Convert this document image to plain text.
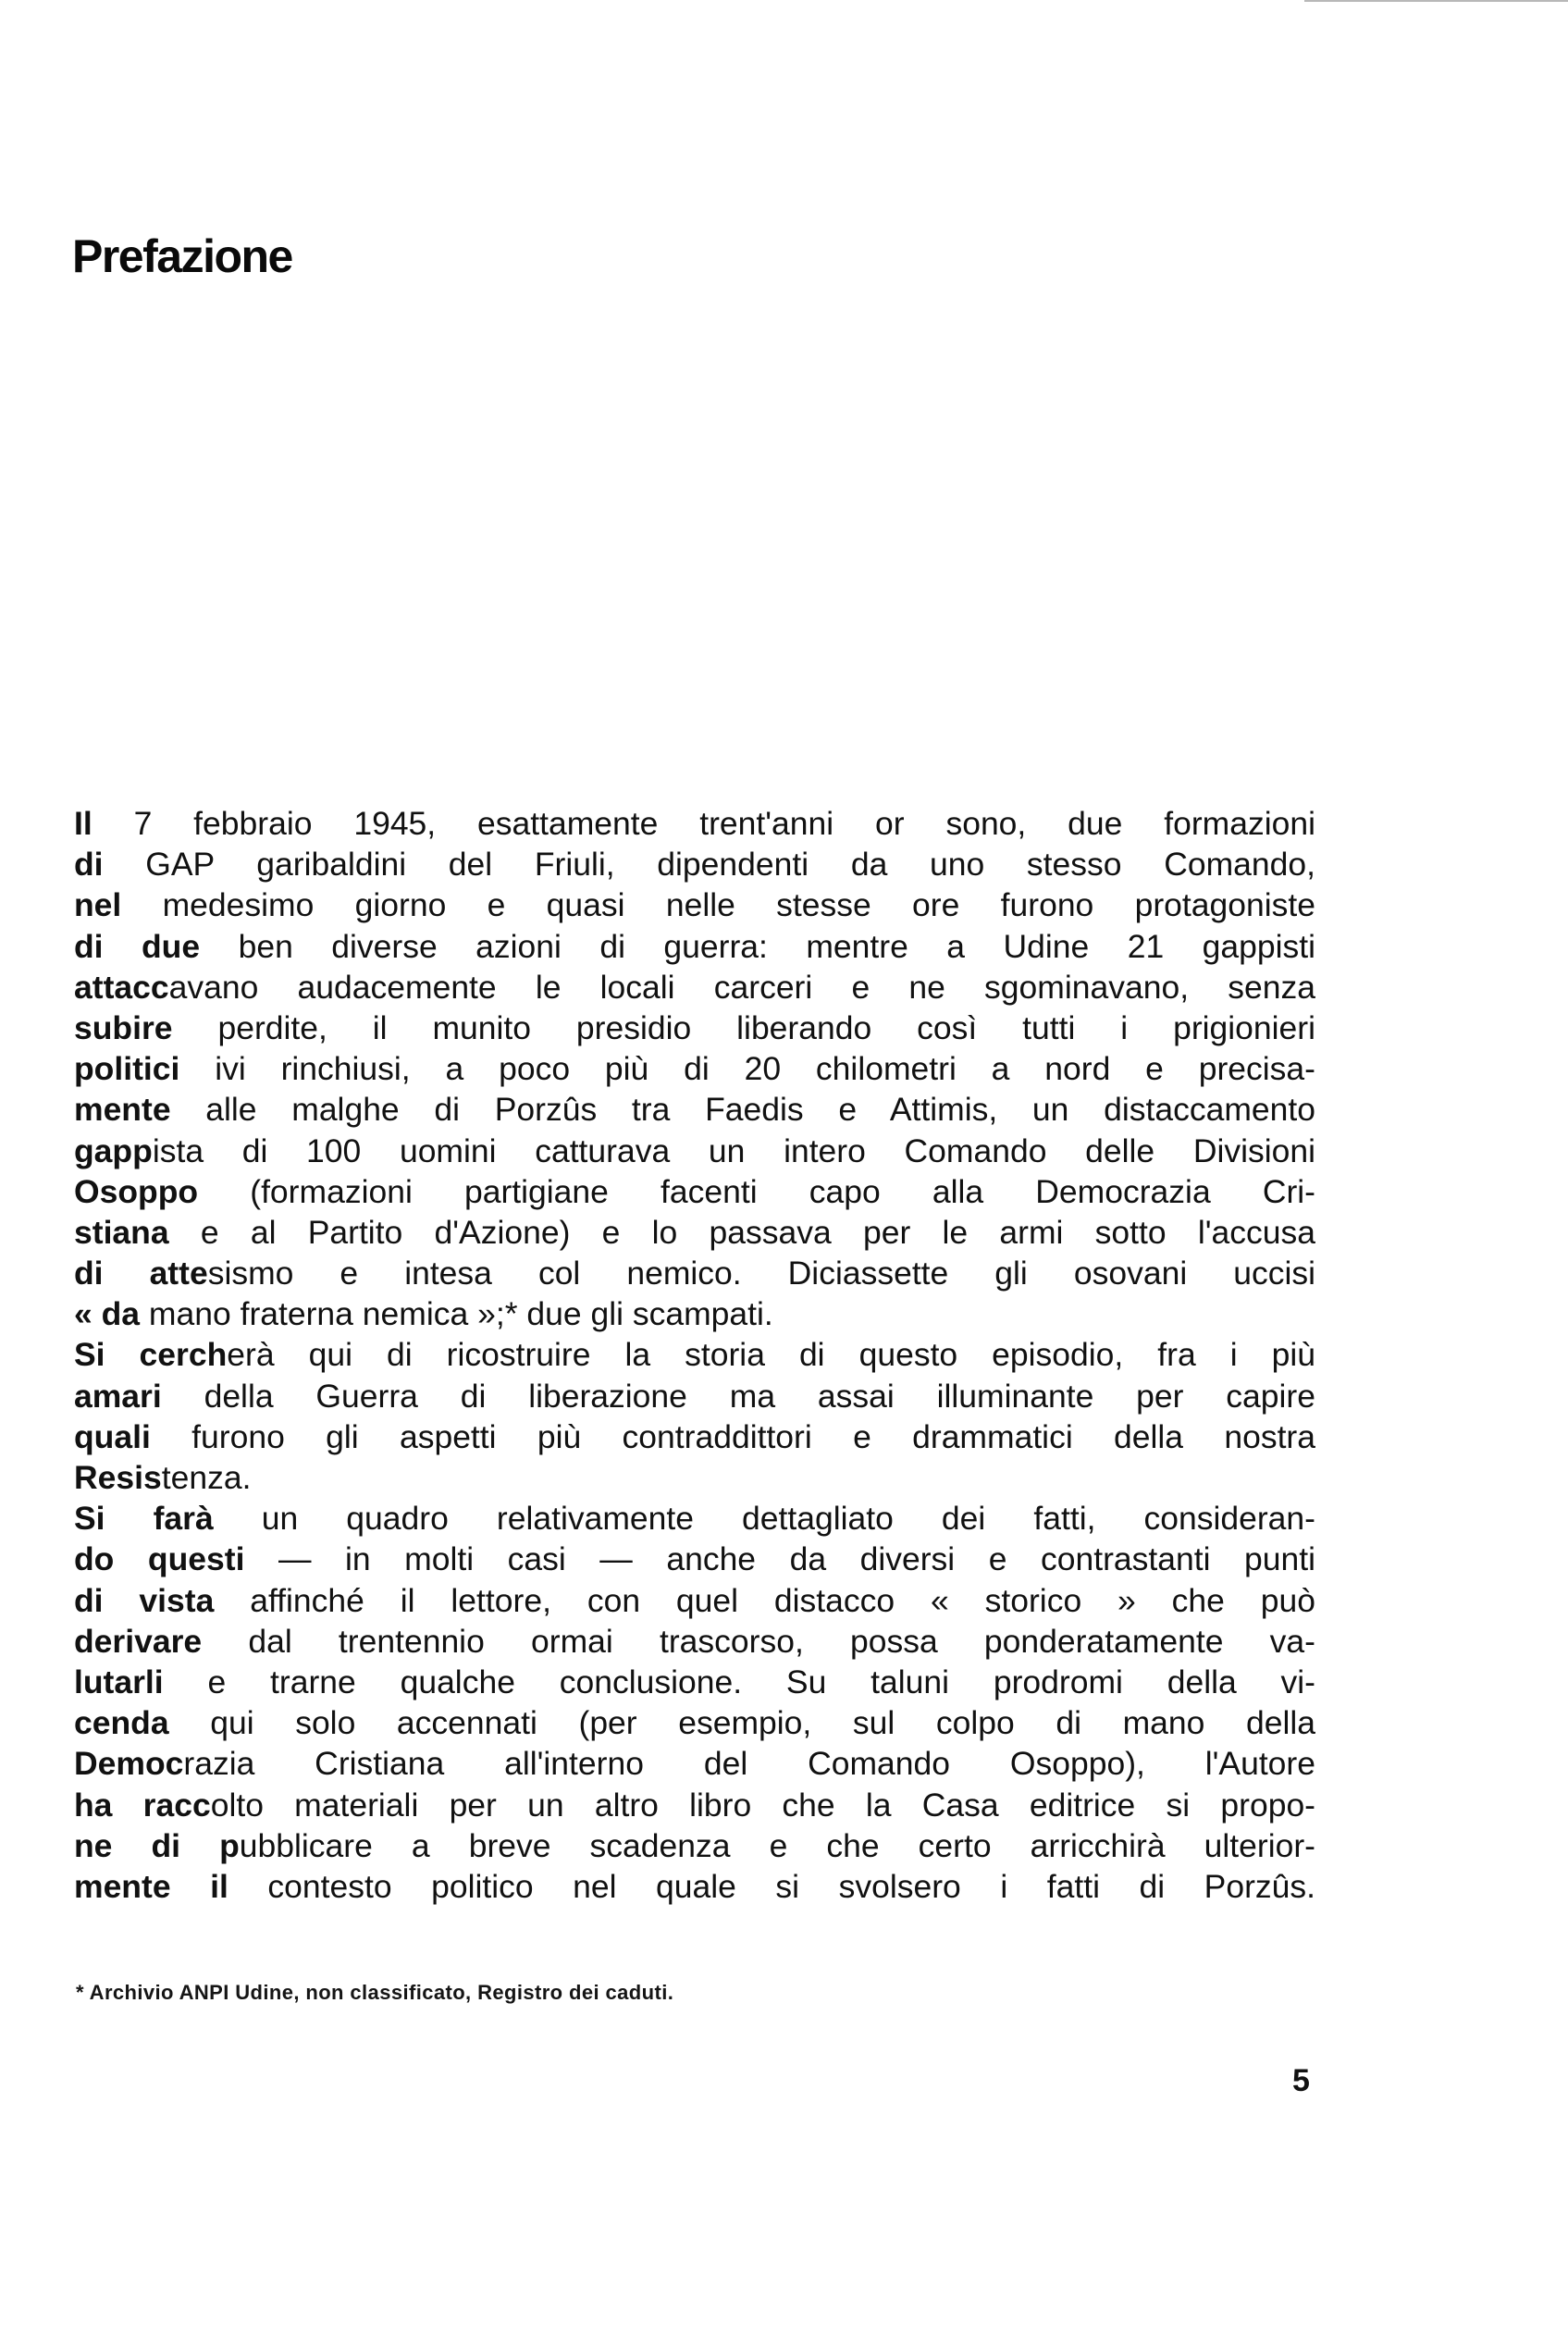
Prefazione
Il 7 febbraio 1945, esattamente trent'anni or sono, due formazioni
di GAP garibaldini del Friuli, dipendenti da uno stesso Comando,
nel medesimo giorno e quasi nelle stesse ore furono protagoniste
di due ben diverse azioni di guerra: mentre a Udine 21 gappisti
attaccavano audacemente le locali carceri e ne sgominavano, senza
subire perdite, il munito presidio liberando così tutti i prigionieri
politici ivi rinchiusi, a poco più di 20 chilometri a nord e precisa-
mente alle malghe di Porzûs tra Faedis e Attimis, un distaccamento
gappista di 100 uomini catturava un intero Comando delle Divisioni
Osoppo (formazioni partigiane facenti capo alla Democrazia Cri-
stiana e al Partito d'Azione) e lo passava per le armi sotto l'accusa
di attesismo e intesa col nemico. Diciassette gli osovani uccisi
« da mano fraterna nemica »;* due gli scampati.
Si cercherà qui di ricostruire la storia di questo episodio, fra i più
amari della Guerra di liberazione ma assai illuminante per capire
quali furono gli aspetti più contraddittori e drammatici della nostra
Resistenza.
Si farà un quadro relativamente dettagliato dei fatti, consideran-
do questi — in molti casi — anche da diversi e contrastanti punti
di vista affinché il lettore, con quel distacco « storico » che può
derivare dal trentennio ormai trascorso, possa ponderatamente va-
lutarli e trarne qualche conclusione. Su taluni prodromi della vi-
cenda qui solo accennati (per esempio, sul colpo di mano della
Democrazia Cristiana all'interno del Comando Osoppo), l'Autore
ha raccolto materiali per un altro libro che la Casa editrice si propo-
ne di pubblicare a breve scadenza e che certo arricchirà ulterior-
mente il contesto politico nel quale si svolsero i fatti di Porzûs.

* Archivio ANPI Udine, non classificato, Registro dei caduti.

5
